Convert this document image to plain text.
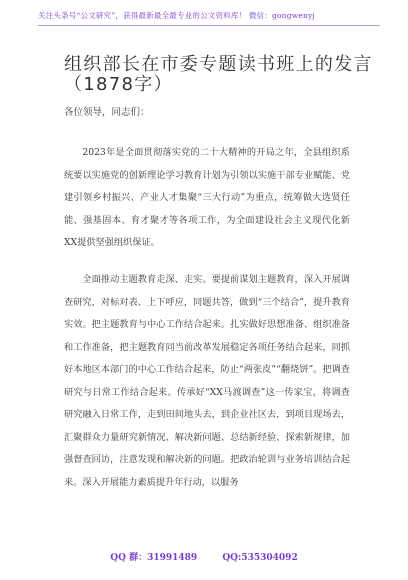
关注头条号“公文研究”，获得最新最全最专业的公文资料库！ 微信：gongwenyj
组织部长在市委专题读书班上的发言（1878字）
各位领导，同志们：

2023年是全面贯彻落实党的二十大精神的开局之年，全县组织系统要以实施党的创新理论学习教育计划为引领以实施干部专业赋能、党建引领乡村振兴、产业人才集聚“三大行动”为重点，统筹做大选贤任能、强基固本、育才聚才等各项工作，为全面建设社会主义现代化新XX提供坚强组织保证。

全面推动主题教育走深、走实。要提前谋划主题教育，深入开展调查研究，对标对表、上下呼应，同题共答，做到“三个结合”，提升教育实效。把主题教育与中心工作结合起来。扎实做好思想准备、组织准备和工作准备，把主题教育同当前改革发展稳定各项任务结合起来，同抓好本地区本部门的中心工作结合起来，防止“两张皮”“翻烧饼”。把调查研究与日常工作结合起来。传承好“XX马渡调查”这一传家宝，将调查研究融入日常工作，走到田间地头去，到企业社区去，到项目现场去，汇聚群众力量研究新情况、解决新问题、总结新经验、探索新规律，加强督查回访，注意发现和解决新的问题。把政治轮训与业务培训结合起来。深入开展能力素质提升年行动，以服务

QQ 群：31991489	QQ:535304092
